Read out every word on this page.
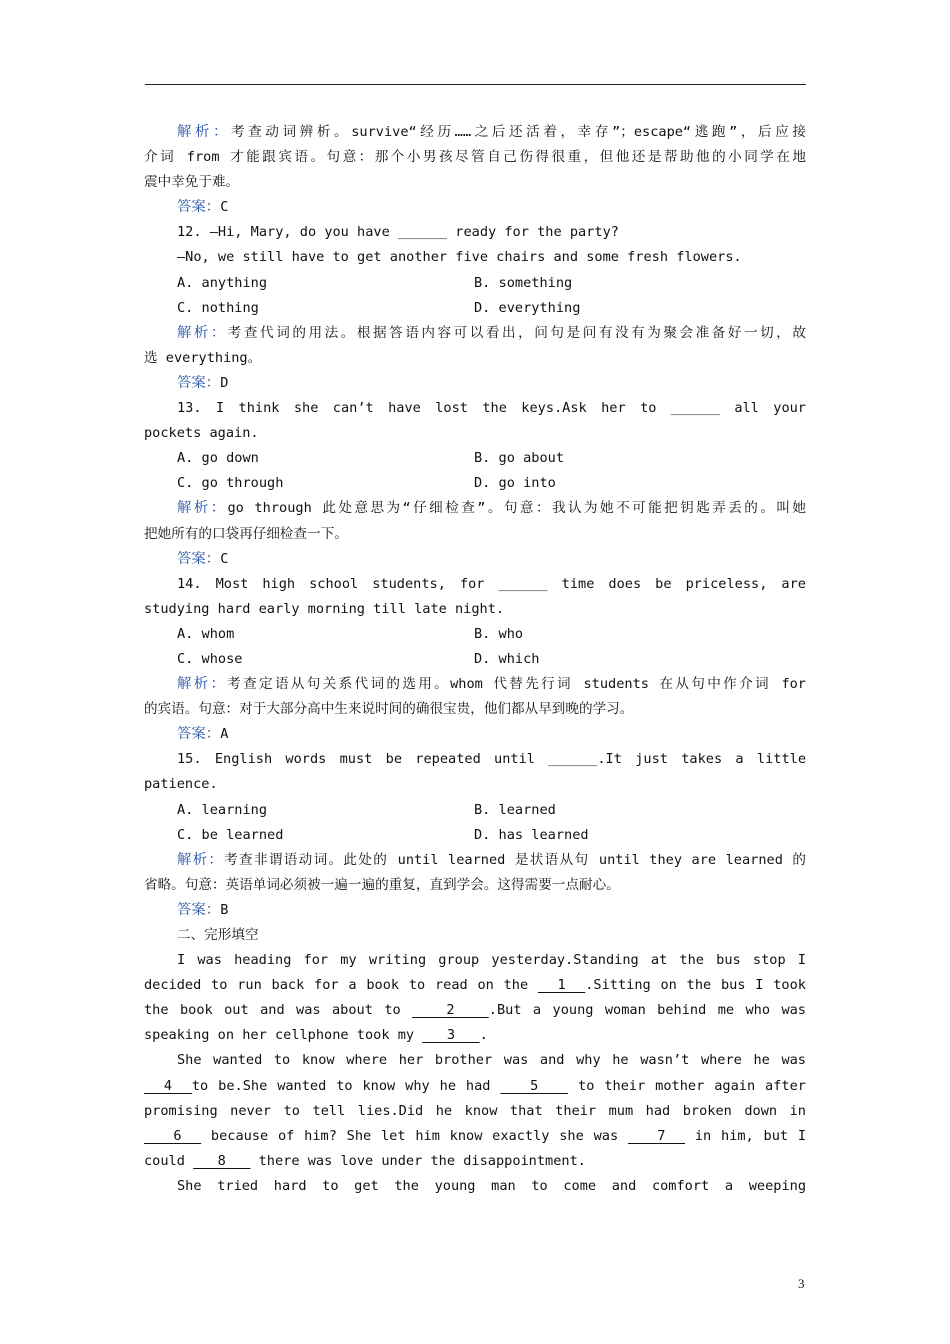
解析：考查动词辨析。survive“经历……之后还活着，幸存”；escape“逃跑”，后应接

介词 from 才能跟宾语。句意：那个小男孩尽管自己伤得很重，但他还是帮助他的小同学在地

震中幸免于难。

答案：C

12. —Hi, Mary, do you have ______ ready for the party?

—No, we still have to get another five chairs and some fresh flowers.

A. anything	B. something
C. nothing	D. everything

解析：考查代词的用法。根据答语内容可以看出，问句是问有没有为聚会准备好一切，故

选 everything。

答案：D

13. I think she can’t have lost the keys.Ask her to ______ all your

pockets again.

A. go down	B. go about
C. go through	D. go into

解析：go through 此处意思为“仔细检查”。句意：我认为她不可能把钥匙弄丢的。叫她

把她所有的口袋再仔细检查一下。

答案：C

14. Most high school students, for ______ time does be priceless, are

studying hard early morning till late night.

A. whom	B. who
C. whose	D. which

解析：考查定语从句关系代词的选用。whom 代替先行词 students 在从句中作介词 for

的宾语。句意：对于大部分高中生来说时间的确很宝贵，他们都从早到晚的学习。

答案：A

15. English words must be repeated until ______.It just takes a little

patience.

A. learning	B. learned
C. be learned	D. has learned

解析：考查非谓语动词。此处的 until learned 是状语从句 until they are learned 的

省略。句意：英语单词必须被一遍一遍的重复，直到学会。这得需要一点耐心。

答案：B

二、完形填空

I was heading for my writing group yesterday.Standing at the bus stop I

decided to run back for a book to read on the 1 .Sitting on the bus I took

the book out and was about to	2	.But a young woman behind me who was

speaking on her cellphone took my 3 .

She wanted to know where her brother was and why he wasn’t where he was

4 to be.She wanted to know why he had	5	to their mother again after

promising never to tell lies.Did he know that their mum had broken down in

6 because of him? She let him know exactly she was	7 in him, but I

could 8 there was love under the disappointment.

She tried hard to get the young man to come and comfort a weeping

3
